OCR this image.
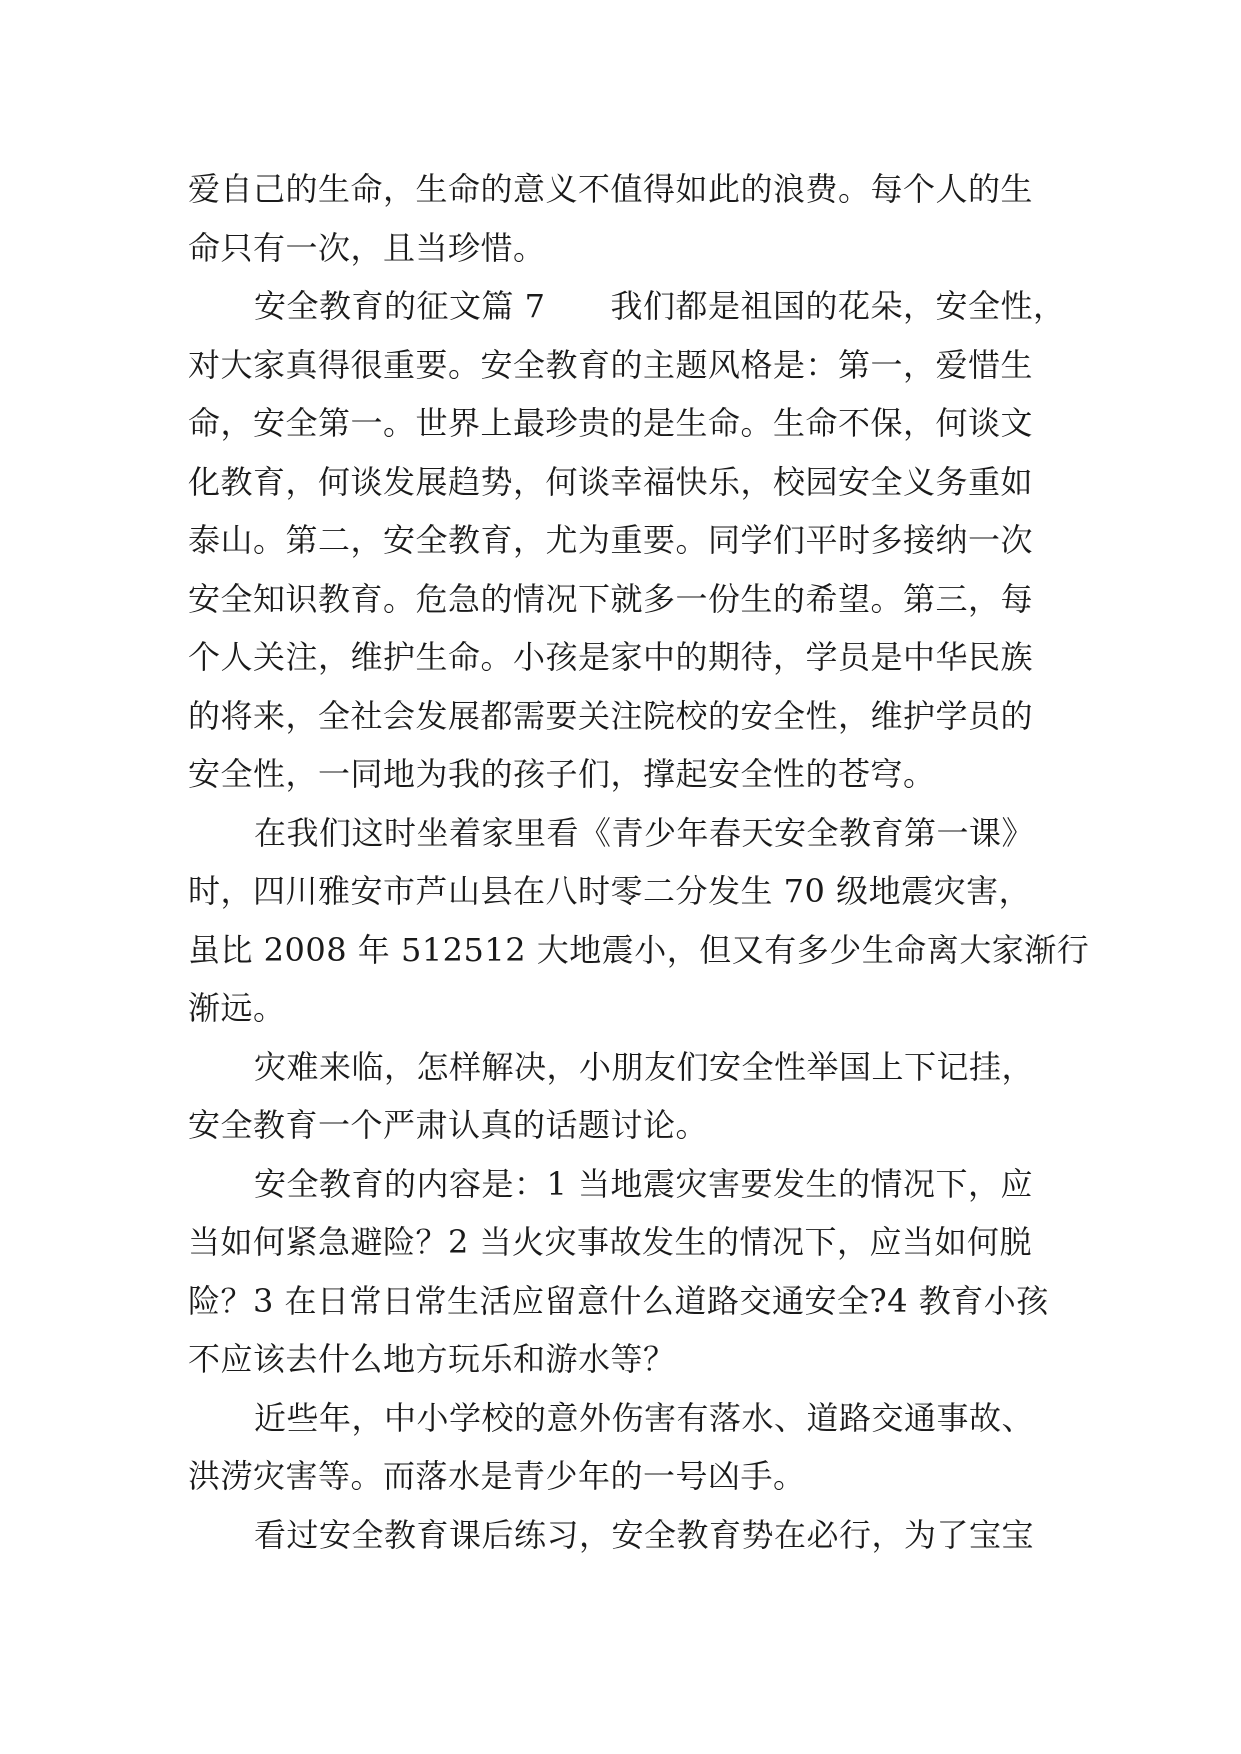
爱自己的生命，生命的意义不值得如此的浪费。每个人的生
命只有一次，且当珍惜。
安全教育的征文篇 7　　我们都是祖国的花朵，安全性，
对大家真得很重要。安全教育的主题风格是：第一，爱惜生
命，安全第一。世界上最珍贵的是生命。生命不保，何谈文
化教育，何谈发展趋势，何谈幸福快乐，校园安全义务重如
泰山。第二，安全教育，尤为重要。同学们平时多接纳一次
安全知识教育。危急的情况下就多一份生的希望。第三，每
个人关注，维护生命。小孩是家中的期待，学员是中华民族
的将来，全社会发展都需要关注院校的安全性，维护学员的
安全性，一同地为我的孩子们，撑起安全性的苍穹。
在我们这时坐着家里看《青少年春天安全教育第一课》
时，四川雅安市芦山县在八时零二分发生 70 级地震灾害，
虽比 2008 年 512512 大地震小，但又有多少生命离大家渐行
渐远。
灾难来临，怎样解决，小朋友们安全性举国上下记挂，
安全教育一个严肃认真的话题讨论。
安全教育的内容是：1 当地震灾害要发生的情况下，应
当如何紧急避险？2 当火灾事故发生的情况下，应当如何脱
险？3 在日常日常生活应留意什么道路交通安全?4 教育小孩
不应该去什么地方玩乐和游水等？
近些年，中小学校的意外伤害有落水、道路交通事故、
洪涝灾害等。而落水是青少年的一号凶手。
看过安全教育课后练习，安全教育势在必行，为了宝宝
